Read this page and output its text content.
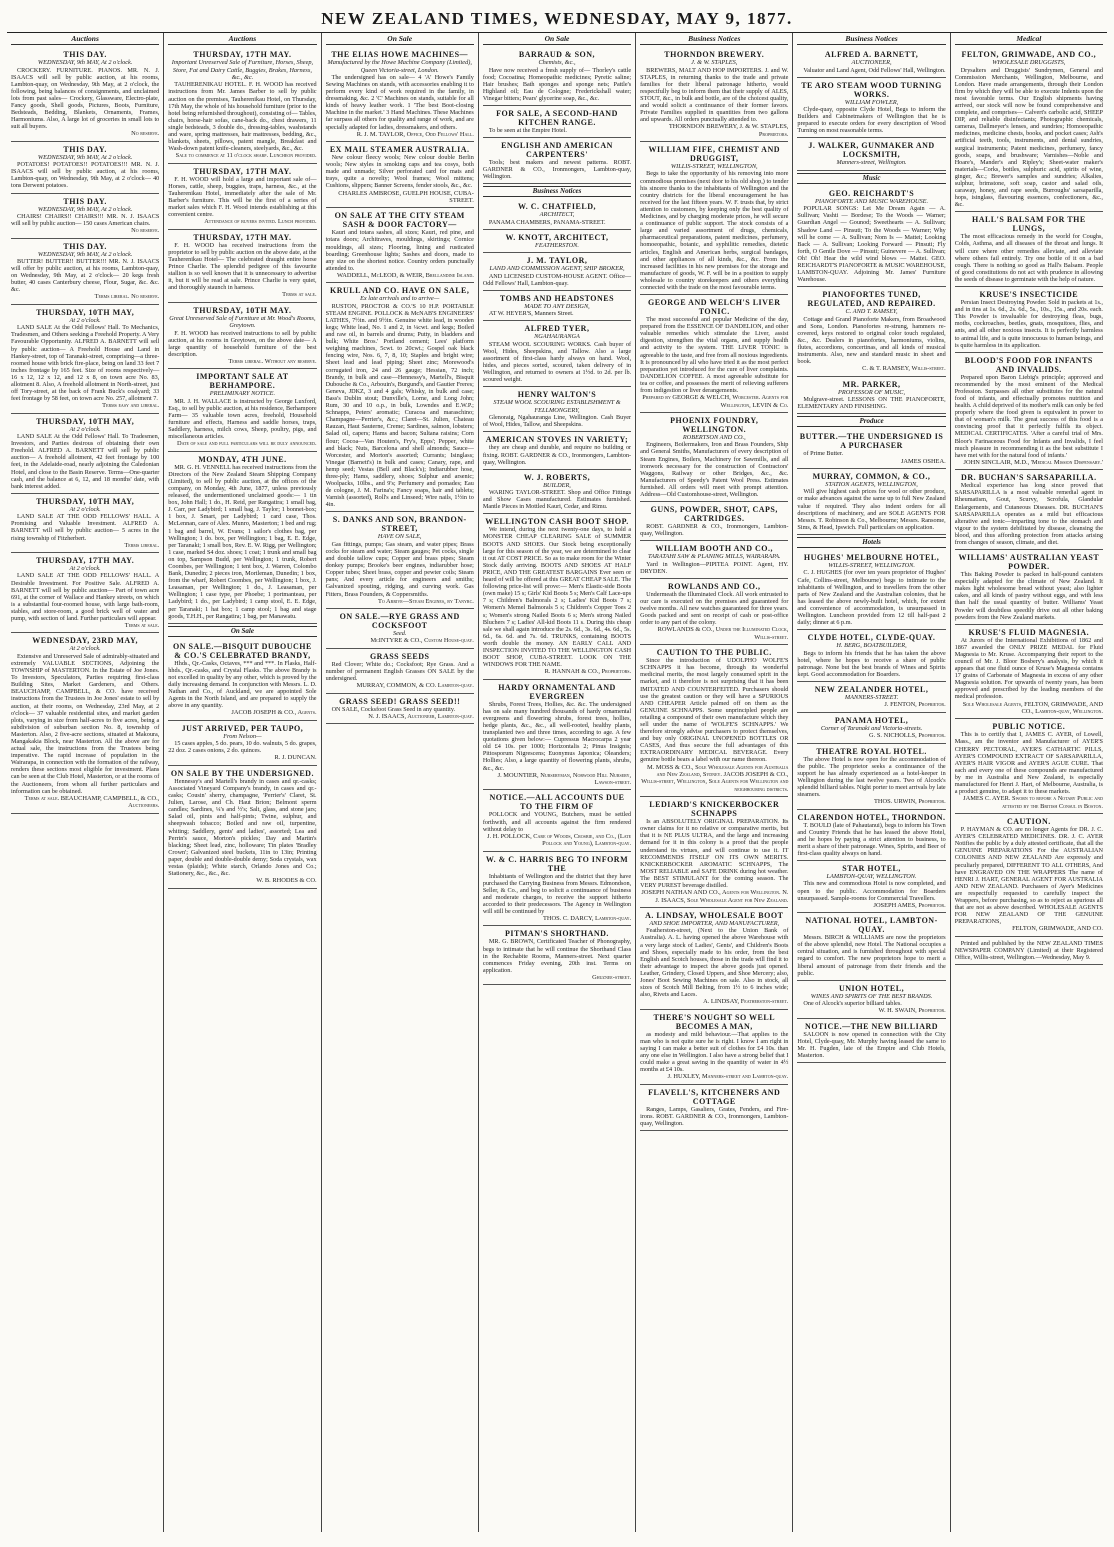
NEW ZEALAND TIMES, WEDNESDAY, MAY 9, 1877.
Auctions
THIS DAY.
WEDNESDAY, 9th MAY, At 2 o'clock.
CROCKERY. FURNITURE. PIANOS. MR. N. J. ISAACS will sell by public auction, at his rooms, Lambton-quay, on Wednesday, 9th May, at 2 o'clock, the following, being balances of consignments, and unclaimed lots from past sales— Crockery, Glassware, Electro-plate, Fancy goods, Shell goods, Pictures, Boots, Furniture, Bedsteads, Bedding, Blankets, Ornaments, Frames, Harmoniums. Also, A large lot of groceries in small lots to suit all buyers.
No reserve.
THIS DAY.
WEDNESDAY, 9th MAY, At 2 o'clock.
POTATOES! POTATOES!! POTATOES!!! MR. N. J. ISAACS will sell by public auction, at his rooms, Lambton-quay, on Wednesday, 9th May, at 2 o'clock— 40 tons Derwent potatoes.
THIS DAY.
WEDNESDAY, 9th MAY, At 2 o'clock.
CHAIRS! CHAIRS!! CHAIRS!!! MR. N. J. ISAACS will sell by public auction— 150 cases American chairs.
No reserve.
THIS DAY.
WEDNESDAY, 9th MAY, At 2 o'clock.
BUTTER! BUTTER!! BUTTER!!! MR. N. J. ISAACS will offer by public auction, at his rooms, Lambton-quay, on Wednesday, 9th May, at 2 o'clock— 20 kegs fresh butter, 40 cases Canterbury cheese, Flour, Sugar, &c. &c. &c.
Terms liberal. No reserve.
THURSDAY, 10TH MAY,
At 2 o'clock.
LAND SALE At the Odd Fellows' Hall. To Mechanics, Tradesmen, and Others seeking a Freehold Property. A Very Favourable Opportunity. ALFRED A. BARNETT will sell by public auction— A Freehold House and Land in Hankey-street, top of Taranaki-street, comprising—a three-roomed house with brick fire-place, being on land 33 feet 7 inches frontage by 165 feet. Size of rooms respectively—16 x 12, 12 x 12, and 12 x 8, on town acre No. 83, allotment 8. Also, A freehold allotment in North-street, just off Tory-street, at the back of Frank Buck's coalyard; 33 feet frontage by 58 feet, on town acre No. 257, allotment 7.
Terms easy and liberal.
THURSDAY, 10TH MAY,
At 2 o'clock.
LAND SALE At the Odd Fellows' Hall. To Tradesmen, Investors, and Parties desirous of obtaining their own Freehold. ALFRED A. BARNETT will sell by public auction— A freehold allotment, 42 feet frontage by 100 feet, in the Adelaide-road, nearly adjoining the Caledonian Hotel, and close to the Basin Reserve. Terms—One-quarter cash, and the balance at 6, 12, and 18 months' date, with bank interest added.
THURSDAY, 10TH MAY,
At 2 o'clock.
LAND SALE AT THE ODD FELLOWS' HALL. A Promising and Valuable Investment. ALFRED A. BARNETT will sell by public auction— 5 acres in the rising township of Fitzherbert.
Terms liberal.
THURSDAY, 17TH MAY.
At 2 o'clock.
LAND SALE AT THE ODD FELLOWS' HALL. A Desirable Investment. For Positive Sale. ALFRED A. BARNETT will sell by public auction— Part of town acre 691, at the corner of Wallace and Hankey streets, on which is a substantial four-roomed house, with large bath-room, stables, and store-room, a good brick well of water and pump, with section of land. Further particulars will appear.
Terms at sale.
WEDNESDAY, 23RD MAY,
At 2 o'clock.
Extensive and Unreserved Sale of admirably-situated and extremely VALUABLE SECTIONS, Adjoining the TOWNSHIP of MASTERTON. In the Estate of Joe Jones. To Investors, Speculators, Parties requiring first-class Building Sites, Market Gardeners, and Others. BEAUCHAMP, CAMPBELL, & CO. have received instructions from the Trustees in Joe Jones' estate to sell by auction, at their rooms, on Wednesday, 23rd May, at 2 o'clock— 37 valuable residential sites, and market garden plots, varying in size from half-acres to five acres, being a subdivision of suburban section No. 8, township of Masterton. Also, 2 five-acre sections, situated at Makoura, Mangakakia Block, near Masterton. All the above are for actual sale, the instructions from the Trustees being imperative. The rapid increase of population in the Wairarapa, in connection with the formation of the railway, renders these sections most eligible for investment. Plans can be seen at the Club Hotel, Masterton, or at the rooms of the Auctioneers, from whom all further particulars and information can be obtained.
Terms at sale. BEAUCHAMP, CAMPBELL, & CO., Auctioneers.
Auctions
THURSDAY, 17TH MAY.
Important Unreserved Sale of Furniture, Horses, Sheep, Store, Fat and Dairy Cattle, Buggies, Brakes, Harness, &c., &c.
TAUHERENIKAU HOTEL. F. H. WOOD has received instructions from Mr. James Barber to sell by public auction on the premises, Tauherenikau Hotel, on Thursday, 17th May, the whole of his household furniture (prior to the hotel being refurnished throughout), consisting of— Tables, chairs, horse-hair sofas, cane-back do., chest drawers, 11 single bedsteads, 3 double do., dressing-tables, washstands and ware, spring mattresses, hair mattresses, bedding, &c., blankets, sheets, pillows, patent mangle, Breakfast and Wash-down patent knife-cleaners, steelyards, &c., &c.
Sale to commence at 11 o'clock sharp. Luncheon provided.
THURSDAY, 17TH MAY.
F. H. WOOD will hold a large and important sale of— Horses, cattle, sheep, buggies, traps, harness, &c., at the Tauherenikau Hotel, immediately after the sale of Mr. Barber's furniture. This will be the first of a series of market sales which F. H. Wood intends establishing at this convenient centre.
Attendance of buyers invited. Lunch provided.
THURSDAY, 17TH MAY.
F. H. WOOD has received instructions from the proprietor to sell by public auction on the above date, at the Tauherenikau Hotel— The celebrated draught entire horse Prince Charlie. The splendid pedigree of this favourite stallion is so well known that it is unnecessary to advertise it, but it will be read at sale. Prince Charlie is very quiet, and thoroughly staunch in harness.
Terms at sale.
THURSDAY, 10TH MAY.
Great Unreserved Sale of Furniture at Mr. Wood's Rooms, Greytown.
F. H. WOOD has received instructions to sell by public auction, at his rooms in Greytown, on the above date— A large quantity of household furniture of the best description.
Terms liberal. Without any reserve.
IMPORTANT SALE AT BERHAMPORE.
PRELIMINARY NOTICE.
MR. J. H. WALLACE is instructed by George Luxford, Esq., to sell by public auction, at his residence, Berhampore Farm— 35 valuable town acres, freehold, Household furniture and effects, Harness and saddle horses, traps, Saddlery, harness, milch cows, Sheep, poultry, pigs, and miscellaneous articles.
Date of sale and full particulars will be duly announced.
MONDAY, 4TH JUNE.
MR. G. H. VENNELL has received instructions from the Directors of the New Zealand Steam Shipping Company (Limited), to sell by public auction, at the offices of the company, on Monday, 4th June, 1877, unless previously released, the undermentioned unclaimed goods:— 1 tin box, John Hall; 1 do., H. Reid, per Rangatira; 1 small bag, J. Carr, per Ladybird; 1 small bag, J. Taylor; 1 bonnet-box; 1 box, J. Smart, per Ladybird; 1 card case, Thos. McLennan, care of Alex. Munro, Masterton; 1 bed and rug; 1 bag and barrel, W. Evans; 1 sailor's clothes bag, per Wellington; 1 do. box, per Wellington; 1 bag, E. E. Edge, per Taranaki; 1 small box, Rev. E. W. Rigg, per Wellington; 1 case, marked S4 doz. shoes; 1 coat; 1 trunk and small bag on top, Sampson Budd, per Wellington; 1 trunk, Robert Coombes, per Wellington; 1 tent box, J. Warren, Colombo Bank, Dunedin; 2 pieces iron, Mortleman, Dunedin; 1 box, from the wharf, Robert Coombes, per Wellington; 1 box, J. Leasaman, per Wellington; 1 do., J. Leasaman, per Wellington; 1 case type, per Phoebe; 1 portmanteau, per Ladybird; 1 do., per Ladybird; 1 camp stool, E. E. Edge, per Taranaki; 1 hat box; 1 camp stool; 1 bag and stage goods, T.H.H., per Rangatira; 1 bag, per Manawatu.
On Sale
ON SALE.—BISQUIT DUBOUCHE & CO.'S CELEBRATED BRANDY,
Hhds., Qr.-Casks, Octaves, *** and ***. In Flasks, Half-hhds., Qr.-casks, and Crystal Flasks. The above Brandy is not excelled in quality by any other, which is proved by the daily increasing demand. In conjunction with Messrs. L. D. Nathan and Co., of Auckland, we are appointed Sole Agents in the North Island, and are prepared to supply the above in any quantity.
JACOB JOSEPH & CO., Agents.
JUST ARRIVED, PER TAUPO,
From Nelson—
15 cases apples, 5 do. pears, 10 do. walnuts, 5 do. grapes, 22 doz. 2 cases onions, 2 do. quinces.
R. J. DUNCAN.
ON SALE BY THE UNDERSIGNED.
Hennessy's and Martell's brandy in cases and qr.-casks; Associated Vineyard Company's brandy, in cases and qr.-casks; Cousin' sherry, champagne, 'Perrier's' Claret, St. Julien, Larose, and Ch. Haut Brion; Belmont sperm candles; Sardines, ¼'s and ½'s; Salt, glass, and stone jars; Salad oil, pints and half-pints; Twine, sulphur, and sheepwash tobacco; Boiled and raw oil, turpentine, whiting; Saddlery, gents' and ladies', assorted; Lea and Perrin's sauce, Morton's pickles; Day and Martin's blacking; Sheet lead, zinc, holloware; Tin plates 'Bradley Crown'; Galvanized steel buckets, 11in to 13in; Printing paper, double and double-double demy; Soda crystals, wax vestas (plaids); White starch, Orlando Jones and Co.; Stationery, &c., &c., &c.
W. B. RHODES & CO.
On Sale
THE ELIAS HOWE MACHINES—
Manufactured by the Howe Machine Company (Limited), Queen Victoria-street, London.
The undersigned has on sale— 4 'A' Howe's Family Sewing Machines on stands, with accessories enabling it to perform every kind of work required in the family, in dressmaking, &c. 2 'C' Machines on stands, suitable for all kinds of heavy leather work. 1 'The best Boot-closing Machine in the market.' 3 Hand Machines. These Machines far surpass all others for quality and range of work, and are specially adapted for ladies, dressmakers, and others.
R. J. M. TAYLOR, Office, Odd Fellows' Hall.
EX MAIL STEAMER AUSTRALIA.
New colour fleecy wools; New colour double Berlin wools; New styles in smoking caps and tea cosys, both made and unmade; Silver perforated card for mats and trays, quite a novelty; Wool frames; Wool mittens; Cushions, slippers; Banner Screens, fender stools, &c., &c.
CHARLES AMBROSE, GUELPH HOUSE, CUBA-STREET.
ON SALE AT THE CITY STEAM SASH & DOOR FACTORY—
Kauri and totara sashes, all sizes; Kauri, red pine, and totara doors; Architraves, mouldings, skirtings; Cornice mouldings, all sizes; Flooring, lining and rusticated boarding; Greenhouse lights; Sashes and doors, made to any size on the shortest notice. Country orders punctually attended to.
WADDELL, McLEOD, & WEIR, Brellandine Island.
KRULL AND CO. HAVE ON SALE,
Ex late arrivals and to arrive—
RUSTON, PROCTOR & CO.'S 10 H.P. PORTABLE STEAM ENGINE. POLLOCK & McNAB'S ENGINEERS' LATHES, 7½in. and 9½in. Genuine white lead, in wooden kegs; White lead, No. 1 and 2, in ¼cwt. and kegs; Boiled and raw oil, in barrels and drums; Putty, in bladders and bulk; White Bros.' Portland cement; Lees' platform weighing machines, 5cwt. to 20cwt.; Gospel oak black fencing wire, Nos. 6, 7, 8, 10; Staples and bright wire; Sheet lead and lead piping; Sheet zinc; Morewood's corrugated iron, 24 and 26 gauge; Hessian, 72 inch; Brandy, in bulk and case—Hennessy's, Martell's, Bisquit Dubouche & Co., Arbouin's, Burgund's, and Gautier Freres; Geneva, JDKZ, 3 and 4 gals; Whisky, in bulk and case; Bass's Dublin stout; Dunville's, Lorne, and Long John; Rum, 30 and 10 o.p., in bulk, Lowndes and E.W.P.; Schnapps, Peters' aromatic; Curacoa and maraschino; Champagne—Perrier's, &c.; Claret—St. Julien, Chateau Rauzan, Haut Sauterne, Creme; Sardines, salmon, lobsters; Salad oil, capers; Hams and bacon; Sultana raisins; Corn flour; Cocoa—Van Houten's, Fry's, Epps'; Pepper, white and black; Nuts, Barcelona and shell almonds; Sauce—Worcester, and Morton's assorted; Currants; Isinglass; Vinegar (Barnett's) in bulk and cases; Canary, rape, and hemp seed; Vestas (Bell and Black's); Indiarubber hose, three-ply; Hams, saddlery, shoes; Sulphur and arsenic; Woolpacks, 10lbs., and 9's; Perfumery and pomades; Eau de cologne, J. M. Farina's; Fancy soaps, hair and tablets; Varnish (assorted), Roll's and Linseed; Wire nails, 1½in to 4in.
S. DANKS AND SON, BRANDON-STREET,
HAVE ON SALE,
Gas fittings, pumps; Gas steam, and water pipes; Brass cocks for steam and water; Steam gauges; Pet cocks, single and double tallow cups; Copper and brass pipes; Steam donkey pumps; Brooke's beer engines, indiarubber hose; Copper tubes; Sheet brass, copper and pewter coils; Steam pans; And every article for engineers and smiths; Galvanized spouting, ridging, and curving work. Gas Fitters, Brass Founders, & Coppersmiths.
To Arrive—Steam Engines, by Tanyrc.
ON SALE.—RYE GRASS AND COCKSFOOT
Seed.
McINTYRE & CO., Custom House-quay.
GRASS SEEDS
Red Clover; White do.; Cocksfoot; Rye Grass. And a number of permanent English Grasses ON SALE by the undersigned.
MURRAY, COMMON, & CO. Lambton-quay.
GRASS SEED! GRASS SEED!!
ON SALE, Cocksfoot Grass Seed in any quantity.
N. J. ISAACS, Auctioneer, Lambton-quay.
On Sale
BARRAUD & SON,
Chemists, &c.,
Have now received a fresh supply of— Thorley's cattle food; Cocoatina; Homeopathic medicines; Pyretic saline; Hair brushes; Bath sponges and sponge nets; Pattle's Highland oil; Eau de Cologne; Frederickshall water; Vinegar bitters; Pears' glycerine soap, &c., &c.
FOR SALE, A SECOND-HAND KITCHEN RANGE.
To be seen at the Empire Hotel.
ENGLISH AND AMERICAN CARPENTERS'
Tools; best makers and newest patterns. ROBT. GARDNER & CO., Ironmongers, Lambton-quay, Wellington.
Business Notices
W. C. CHATFIELD,
ARCHITECT,
PANAMA CHAMBERS, PANAMA-STREET.
W. KNOTT, ARCHITECT,
FEATHERSTON.
J. M. TAYLOR,
LAND AND COMMISSION AGENT, SHIP BROKER,
AND LICENSED CUSTOM-HOUSE AGENT. Office—Odd Fellows' Hall, Lambton-quay.
TOMBS AND HEADSTONES
MADE TO ANY DESIGN,
AT W. HEYER'S, Manners Street.
ALFRED TYER,
NGAHAURANGA
STEAM WOOL SCOURING WORKS. Cash buyer of Wool, Hides, Sheepskins, and Tallow. Also a large assortment of first-class hardy always on hand. Wool, hides, and pieces sorted, scoured, taken delivery of in Wellington, and returned to owners at 1½d. to 2d. per lb. scoured weight.
HENRY WALTON'S
STEAM WOOL SCOURING ESTABLISHMENT & FELLMONGERY,
Glenoraig, Ngahauranga Line, Wellington. Cash Buyer of Wool, Hides, Tallow, and Sheepskins.
AMERICAN STOVES IN VARIETY;
they are cheap and durable, and require no building or fixing. ROBT. GARDNER & CO., Ironmongers, Lambton-quay, Wellington.
W. J. ROBERTS,
BUILDER,
WARING TAYLOR-STREET. Shop and Office Fittings and Show Cases manufactured. Estimates furnished. Mantle Pieces in Mottled Kauri, Cedar, and Rimu.
WELLINGTON CASH BOOT SHOP.
We intend, during the next twenty-one days, to hold a MONSTER CHEAP CLEARING SALE of SUMMER BOOTS AND SHOES. Our Stock being exceptionally large for this season of the year, we are determined to clear it out AT COST PRICE. So as to make room for the Winter Stock daily arriving. BOOTS AND SHOES AT HALF PRICE, AND THE GREATEST BARGAINS Ever seen or heard of will be offered at this GREAT CHEAP SALE. The following price-list will prove:— Men's Elastic-side Boots (own make) 15 s; Girls' Kid Boots 5 s; Men's Calf Lace-ups 7 s; Children's Balmorals 2 s; Ladies' Kid Boots 7 s; Women's Memel Balmorals 5 s; Children's Copper Toes 2 s; Women's strong Nailed Boots 6 s; Men's strong Nailed Bluchers 7 s; Ladies' All-kid Boots 11 s. During this cheap sale we shall again introduce the 2s. 6d., 3s. 6d., 4s. 6d., 5s. 6d., 6s. 6d. and 7s. 6d. TRUNKS, containing BOOTS worth double the money. AN EARLY CALL AND INSPECTION INVITED TO THE WELLINGTON CASH BOOT SHOP, CUBA-STREET. LOOK ON THE WINDOWS FOR THE NAME.
R. HANNAH & CO., Proprietors.
HARDY ORNAMENTAL AND EVERGREEN
Shrubs, Forest Trees, Hollies, &c. &c. The undersigned has on sale many hundred thousands of hardy ornamental evergreens and flowering shrubs, forest trees, hollies, hedge plants, &c., &c., all well-rooted, healthy plants, transplanted two and three times, according to age. A few quotations given below:— Cupressus Macrocarpa 2 year old £4 10s. per 1000; Horizontalis 2; Pinus Insignis; Pittosporum Nigrescens; Euonymus Japonica; Oleanders; Hollies; Also, a large quantity of flowering plants, shrubs, &c., &c.
J. MOUNTIER, Nurseryman, Norwood Hill Nursery, Lawson-street.
NOTICE.—ALL ACCOUNTS DUE TO THE FIRM OF
POLLOCK and YOUNG, Butchers, must be settled forthwith, and all accounts against the firm rendered without delay to
J. H. POLLOCK, Care of Woods, Crosbie, and Co., (Late Pollock and Young), Lambton-quay.
W. & C. HARRIS BEG TO INFORM THE
Inhabitants of Wellington and the district that they have purchased the Carrying Business from Messrs. Edmondson, Seller, & Co., and beg to solicit a continuance of business and moderate charges, to receive the support hitherto accorded to their predecessors. The Agency in Wellington will still be continued by
THOS. C. DARCY, Lambton-quay.
PITMAN'S SHORTHAND.
MR. G. BROWN, Certificated Teacher of Phonography, begs to intimate that he will continue the Shorthand Class in the Rechabite Rooms, Manners-street. Next quarter commences Friday evening, 20th inst. Terms on application.
Ghuznee-street.
Business Notices
THORNDON BREWERY.
J. & W. STAPLES,
BREWERS, MALT AND HOP IMPORTERS. J. and W. STAPLES, in returning thanks to the trade and private families for their liberal patronage hitherto, would respectfully beg to inform them that their supply of ALES, STOUT, &c., in bulk and bottle, are of the choicest quality, and would solicit a continuance of their former favors. Private Families supplied in quantities from two gallons and upwards. All orders punctually attended to.
THORNDON BREWERY, J. & W. STAPLES, Proprietors.
WILLIAM FIFE, CHEMIST AND DRUGGIST,
WILLIS-STREET, WELLINGTON,
Begs to take the opportunity of his removing into more commodious premises (next door to his old shop,) to tender his sincere thanks to the inhabitants of Wellington and the country districts for the liberal encouragement he has received for the last fifteen years. W. F. trusts that, by strict attention to customers, by keeping only the best quality of Medicines, and by charging moderate prices, he will secure a continuance of public support. The stock consists of a large and varied assortment of drugs, chemicals, pharmaceutical preparations, patent medicines, perfumery, homoeopathic, botanic, and syphilitic remedies, dietetic articles, English and American herbs, surgical bandages, and other appliances of all kinds, &c., &c. From the increased facilities in his new premises for the storage and manufacture of goods, W. F. will be in a position to supply wholesale to country storekeepers and others everything connected with the trade on the most favourable terms.
GEORGE AND WELCH'S LIVER TONIC.
The most successful and popular Medicine of the day, prepared from the ESSENCE OF DANDELION, and other valuable remedies which stimulate the Liver, assist digestion, strengthen the vital organs, and supply health and activity to the system. THE LIVER TONIC is agreeable to the taste, and free from all noxious ingredients. It is pronounced by all who have tried it as the most perfect preparation yet introduced for the cure of liver complaints. DANDELION COFFEE. A most agreeable substitute for tea or coffee, and possesses the merit of relieving sufferers from indigestion or liver derangements.
Prepared by GEORGE & WELCH, Worcester. Agents for Wellington, LEVIN & Co.
PHOENIX FOUNDRY, WELLINGTON.
ROBERTSON AND CO.,
Engineers, Boilermakers, Iron and Brass Founders, Ship and General Smiths, Manufacturers of every description of Steam Engines, Boilers, Machinery for Sawmills, and all ironwork necessary for the construction of Contractors' Waggons, Railway or other Bridges, &c., &c. Manufacturers of Speedy's Patent Wool Press. Estimates furnished. All orders will meet with prompt attention. Address—Old Customhouse-street, Wellington.
GUNS, POWDER, SHOT, CAPS, CARTRIDGES.
ROBT. GARDNER & CO., Ironmongers, Lambton-quay, Wellington.
WILLIAM BOOTH AND CO.,
TARATAHI SAW & PLANING MILLS, WAIRARAPA.
Yard in Wellington—PIPITEA POINT. Agent, HY. DRYDEN.
ROWLANDS AND CO.,
Undermeath the Illuminated Clock. All work entrusted to our care is executed on the premises and guaranteed for twelve months. All new watches guaranteed for three years. Goods packed and sent on receipt of cash or post-office order to any part of the colony.
ROWLANDS & CO., Under the Illuminated Clock, Willis-street.
CAUTION TO THE PUBLIC.
Since the introduction of UDOLPHO WOLFE'S SCHNAPPS it has become, through its wonderful medicinal merits, the most largely consumed spirit in the market, and it therefore is not surprising that it has been IMITATED AND COUNTERFEITED. Purchasers should use the greatest caution or they will have a SPURIOUS AND CHEAPER Article palmed off on them as the GENUINE SCHNAPPS. Some unprincipled people are retailing a compound of their own manufacture which they sell under the name of 'WOLFE'S SCHNAPPS.' We therefore strongly advise purchasers to protect themselves, and buy only ORIGINAL UNOPENED BOTTLES OR CASES, And thus secure the full advantages of this EXTRAORDINARY MEDICAL BEVERAGE. Every genuine bottle bears a label with our name thereon.
M. MOSS & CO., Sole Wholesale Agents for Australia and New Zealand, Sydney. JACOB JOSEPH & CO., Willis-street, Wellington, Sole Agents for Wellington and neighbouring districts.
LEDIARD'S KNICKERBOCKER SCHNAPPS
Is an ABSOLUTELY ORIGINAL PREPARATION. Its owner claims for it no relative or comparative merits, but that it is NE PLUS ULTRA, and the large and increasing demand for it in this colony is a proof that the people understand its virtues, and will continue to use it. IT RECOMMENDS ITSELF ON ITS OWN MERITS. KNICKERBOCKER AROMATIC SCHNAPPS, The MOST RELIABLE and SAFE DRINK during hot weather. The BEST STIMULANT for the coming season. The VERY PUREST beverage distilled.
JOSEPH NATHAN AND CO., Agents for Wellington. N. J. ISAACS, Sole Wholesale Agent for New Zealand.
A. LINDSAY, WHOLESALE BOOT
AND SHOE IMPORTER, AND MANUFACTURER,
Featherston-street, (Next to the Union Bank of Australia). A. L. having opened the above Warehouse with a very large stock of Ladies', Gents', and Children's Boots and Shoes, especially made to his order, from the best English and Scotch houses, those in the trade will find it to their advantage to inspect the above goods just opened. Leather, Grindery, Closed Uppers, and Shoe Mercery; also, Jones' Boot Sewing Machines on sale. Also in stock, all sizes of Scotch Mill Belting, from 1½ to 6 inches wide; also, Rivets and Laces.
A. LINDSAY, Featherston-street.
THERE'S NOUGHT SO WELL BECOMES A MAN,
as modesty and mild behaviour.—That applies to the man who is not quite sure he is right. I know I am right in saying I can make a better suit of clothes for £4 10s. than any one else in Wellington. I also have a strong belief that I could make a great saving in the quantity of water in 4½ months at £4 10s.
J. HUXLEY, Manners-street and Lambton-quay.
FLAVELL'S, KITCHENERS AND COTTAGE
Ranges, Lamps, Gasaliers, Grates, Fenders, and Fire-irons. ROBT. GARDNER & CO., Ironmongers, Lambton-quay, Wellington.
Business Notices
ALFRED A. BARNETT,
AUCTIONEER,
Valuator and Land Agent, Odd Fellows' Hall, Wellington.
TE ARO STEAM WOOD TURNING WORKS.
WILLIAM FOWLER,
Clyde-quay, opposite Clyde Hotel, Begs to inform the Builders and Cabinetmakers of Wellington that he is prepared to execute orders for every description of Wood Turning on most reasonable terms.
J. WALKER, GUNMAKER AND LOCKSMITH,
Manners-street, Wellington.
Music
GEO. REICHARDT'S
PIANOFORTE AND MUSIC WAREHOUSE.
POPULAR SONGS: Let Me Dream Again — A. Sullivan; Vashti — Bordese; To the Woods — Warner; Guardian Angel — Gounod; Sweethearts — A. Sullivan; Shadow Land — Pinsuti; To the Woods — Warner; Why will he come — A. Sullivan; Nom Is — Mattei; Looking Back — A. Sullivan; Looking Forward — Pinsuti; Fly forth, O Gentle Dove — Pinsuti; Guinevere — A. Sullivan; Oh! Oh! Hear the wild wind blows — Mattei. GEO. REICHARDT'S PIANOFORTE & MUSIC WAREHOUSE, LAMBTON-QUAY. Adjoining Mr. James' Furniture Warehouse.
PIANOFORTES TUNED, REGULATED, AND REPAIRED.
C. AND T. RAMSEY,
Cottage and Grand Pianoforte Makers, from Broadwood and Sons, London. Pianofortes re-strung, hammers re-covered, keys restored to original color touch regulated, &c., &c. Dealers in pianofortes, harmoniums, violins, flutes, accordions, concertinas, and all kinds of musical instruments. Also, new and standard music in sheet and book.
C. & T. RAMSEY, Willis-street.
MR. PARKER,
PROFESSOR OF MUSIC,
Mulgrave-street. LESSONS ON THE PIANOFORTE, ELEMENTARY AND FINISHING.
Produce
BUTTER.—THE UNDERSIGNED IS A PURCHASER
of Prime Butter.
JAMES OSHEA.
MURRAY, COMMON, & CO.,
STATION AGENTS, WELLINGTON,
Will give highest cash prices for wool or other produce, or make advances against the same up to full New Zealand value if required. They also indent orders for all descriptions of machinery, and are SOLE AGENTS FOR Messrs. T. Robinson & Co., Melbourne; Messrs. Ransome, Sims, & Head, Ipswich. Full particulars on application.
Hotels
HUGHES' MELBOURNE HOTEL,
WILLIS-STREET, WELLINGTON.
C. J. HUGHES (for over ten years proprietor of Hughes' Cafe, Collins-street, Melbourne) begs to intimate to the inhabitants of Wellington, and to travellers from the other parts of New Zealand and the Australian colonies, that he has leased the above newly-built hotel, which, for extent and convenience of accommodation, is unsurpassed in Wellington. Luncheon provided from 12 till half-past 2 daily; dinner at 6 p.m.
CLYDE HOTEL, CLYDE-QUAY.
H. BERG, BOATBUILDER,
Begs to inform his friends that he has taken the above hotel, where he hopes to receive a share of public patronage. None but the best brands of Wines and Spirits kept. Good accommodation for Boarders.
NEW ZEALANDER HOTEL,
MANNERS-STREET.
J. FENTON, Proprietor.
PANAMA HOTEL,
Corner of Taranaki and Victoria-streets.
G. S. NICHOLLS, Proprietor.
THEATRE ROYAL HOTEL.
The above Hotel is now open for the accommodation of the public. The proprietor seeks a continuance of the support he has already experienced as a hotel-keeper in Wellington during the last twelve years. Two of Alcock's splendid billiard tables. Night porter to meet arrivals by late steamers.
THOS. URWIN, Proprietor.
CLARENDON HOTEL, THORNDON.
T. BOULD (late of Pahautanui), begs to inform his Town and Country Friends that he has leased the above Hotel, and he hopes by paying a strict attention to business, to merit a share of their patronage. Wines, Spirits, and Beer of first-class quality always on hand.
STAR HOTEL,
LAMBTON-QUAY, WELLINGTON.
This new and commodious Hotel is now completed, and open to the public. Accommodation for Boarders unsurpassed. Sample-rooms for Commercial Travellers.
JOSEPH AMES, Proprietor.
NATIONAL HOTEL, LAMBTON-QUAY.
Messrs. BIRCH & WILLIAMS are now the proprietors of the above splendid, new Hotel. The National occupies a central situation, and is furnished throughout with special regard to comfort. The new proprietors hope to merit a liberal amount of patronage from their friends and the public.
UNION HOTEL,
WINES AND SPIRITS OF THE BEST BRANDS.
One of Alcock's superior billiard tables.
W. H. SWAIN, Proprietor.
NOTICE.—THE NEW BILLIARD
SALOON is now opened in connection with the City Hotel, Clyde-quay, Mr. Murphy having leased the same to Mr. H. Fugden, late of the Empire and Club Hotels, Masterton.
Medical
FELTON, GRIMWADE, AND CO.,
WHOLESALE DRUGGISTS,
Drysalters and Druggists' Sundrymen, General and Commission Merchants, Wellington, Melbourne, and London. Have made arrangements, through their London firm by which they will be able to execute Indents upon the most favorable terms. Our English shipments having arrived, our stock will now be found comprehensive and complete, and comprises— Calvert's carbolic acid, SHEEP DIP, and reliable disinfectants; Photographic chemicals, cameras, Dallmeyer's lenses, and sundries; Homoeopathic medicines, medicine chests, books, and pocket cases; Ash's artificial teeth, tools, instruments, and dental sundries, surgical instruments; Patent medicines, perfumery, fancy goods, soaps, and brushware; Varnishes—Noble and Hoare's, Mander's and Ripley's; Sheet-water maker's materials—Corks, bottles, sulphuric acid, spirits of wine, ginger, &c.; Brewer's samples and sundries; Alkalies, sulphur, brimstone, soft soap, castor and salad oils, caraway, honey, and rape seeds, Burroughs' sarsaparilla, hops, isinglass, flavouring essences, confectioners, &c., &c.
HALL'S BALSAM FOR THE LUNGS,
The most efficacious remedy in the world for Coughs, Colds, Asthma, and all diseases of the throat and lungs. It will cure where other remedies alleviate, and alleviate where others fail entirely. Try one bottle of it on a bad cough. There is nothing so good as Hall's Balsam. People of good constitutions do not act with prudence in allowing the seeds of disease to germinate with the help of nature.
KRUSE'S INSECTICIDE
Persian Insect Destroying Powder. Sold in packets at 1s., and in tins at 1s. 6d., 2s. 6d., 5s., 10s., 15s., and 20s. each. This Powder is invaluable for destroying fleas, bugs, moths, cockroaches, beetles, gnats, mosquitoes, flies, and ants, and all other noxious insects. It is perfectly harmless to animal life, and is quite innocuous to human beings, and is quite harmless in its application.
BLOOD'S FOOD FOR INFANTS AND INVALIDS.
Prepared upon Baron Liebig's principle; approved and recommended by the most eminent of the Medical Profession. Surpasses all other substitutes for the natural food of infants, and effectually promotes nutrition and health. A child deprived of its mother's milk can only be fed properly where the food given is equivalent in power to that of woman's milk. The great success of this food is a convincing proof that it perfectly fulfils its object. MEDICAL CERTIFICATES. 'After a careful trial of Mrs. Bloor's Farinaceous Food for Infants and Invalids, I feel much pleasure in recommending it as the best substitute I have met with for the natural food of infants.'
JOHN SINCLAIR, M.D., 'Medical Mission Dispensary.'
DR. BUCHAN'S SARSAPARILLA.
Medical experience has long since proved that SARSAPARILLA is a most valuable remedial agent in Rheumatism, Gout, Scurvy, Scrofula, Glandular Enlargements, and Cutaneous Diseases. DR. BUCHAN'S SARSAPARILLA operates as a mild but efficacious alterative and tonic—imparting tone to the stomach and vigour to the system debilitated by disease, cleansing the blood, and thus affording protection from attacks arising from changes of season, climate, and diet.
WILLIAMS' AUSTRALIAN YEAST POWDER.
This Baking Powder is packed in half-pound canisters especially adapted for the climate of New Zealand. It makes light wholesome bread without yeast; also lighter cakes, and all kinds of pastry without eggs, and with less than half the usual quantity of butter. Williams' Yeast Powder will doubtless speedily drive out all other baking powders from the New Zealand markets.
KRUSE'S FLUID MAGNESIA.
At Jurors of the International Exhibitions of 1862 and 1867 awarded the ONLY PRIZE MEDAL for Fluid Magnesia to Mr. Kruse. Accompanying their report to the council of Mr. J. Bloor Bosbery's analysis, by which it appears that one fluid ounce of Kruse's Magnesia contains 17 grains of Carbonate of Magnesia in excess of any other Magnesia solution. For upwards of twenty years, has been approved and prescribed by the leading members of the medical profession.
Sole Wholesale Agents, FELTON, GRIMWADE, AND CO., Lambton-quay, Wellington.
PUBLIC NOTICE.
This is to certify that I, JAMES C. AYER, of Lowell, Mass., am the inventor and Manufacturer of AYER'S CHERRY PECTORAL, AYER'S CATHARTIC PILLS, AYER'S COMPOUND EXTRACT OF SARSAPARILLA, AYER'S HAIR VIGOR and AYER'S AGUE CURE. That each and every one of these compounds are manufactured by me in Australia and New Zealand, is especially manufactured for Henri J. Hart, of Melbourne, Australia, is a product genuine, to adapt it to these markets.
JAMES C. AYER. Sworn to before a Notary Public and attested by the British Consul in Boston.
CAUTION.
P. HAYMAN & CO. are no longer Agents for DR. J. C. AYER'S CELEBRATED MEDICINES. DR. J. C. AYER Notifies the public by a duly attested certificate, that all the GENUINE PREPARATIONS For the AUSTRALIAN COLONIES AND NEW ZEALAND Are expressly and peculiarly prepared, DIFFERENT TO ALL OTHERS, And have ENGRAVED ON THE WRAPPERS The name of HENRI J. HART, GENERAL AGENT FOR AUSTRALIA AND NEW ZEALAND. Purchasers of Ayer's Medicines are respectfully requested to carefully inspect the Wrappers, before purchasing, so as to reject as spurious all that are not as above described. WHOLESALE AGENTS FOR NEW ZEALAND OF THE GENUINE PREPARATIONS,
FELTON, GRIMWADE, AND CO.
Printed and published by the NEW ZEALAND TIMES NEWSPAPER COMPANY (Limited) at their Registered Office, Willis-street, Wellington.—Wednesday, May 9.
